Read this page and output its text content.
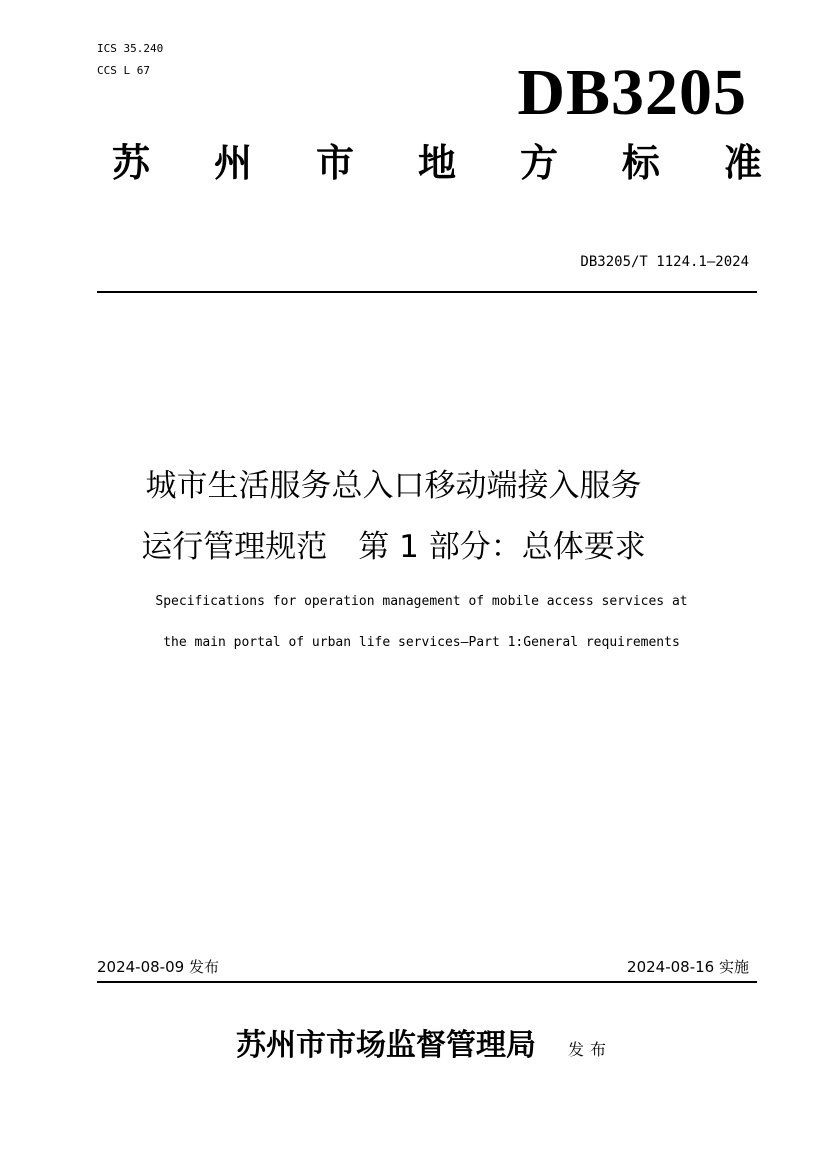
ICS 35.240
CCS L 67	DB3205
苏 州 市 地 方 标 准
DB3205/T 1124.1—2024
城市生活服务总入口移动端接入服务
运行管理规范　第 1 部分：总体要求
Specifications for operation management of mobile access services at
the main portal of urban life services—Part 1:General requirements
2024-08-09 发布	2024-08-16 实施
苏州市市场监督管理局 发布
